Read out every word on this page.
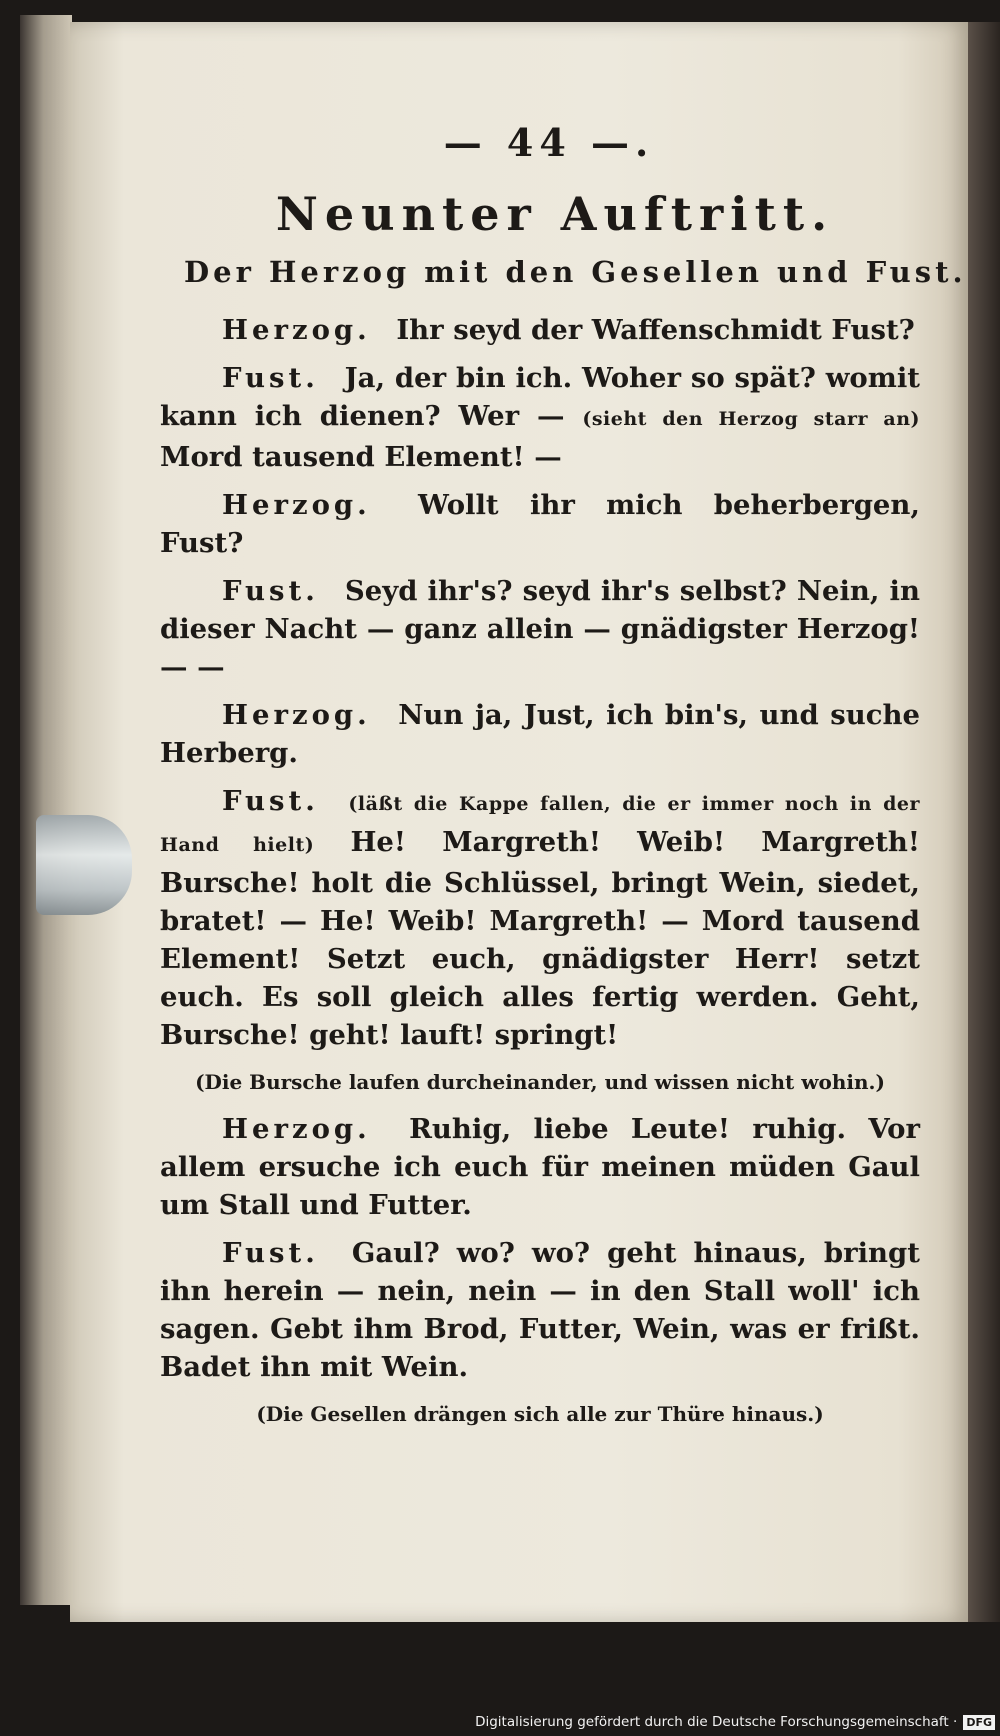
— 44 —.
Neunter Auftritt.
Der Herzog mit den Gesellen und Fust.

Herzog. Ihr seyd der Waffenschmidt Fust?

Fust. Ja, der bin ich. Woher so spät? womit kann ich dienen? Wer — (sieht den Herzog starr an) Mord tausend Element! —

Herzog. Wollt ihr mich beherbergen, Fust?

Fust. Seyd ihr's? seyd ihr's selbst? Nein, in dieser Nacht — ganz allein — gnädigster Herzog! — —

Herzog. Nun ja, Just, ich bin's, und suche Herberg.

Fust. (läßt die Kappe fallen, die er immer noch in der Hand hielt) He! Margreth! Weib! Margreth! Bursche! holt die Schlüssel, bringt Wein, siedet, bratet! — He! Weib! Margreth! — Mord tausend Element! Setzt euch, gnädigster Herr! setzt euch. Es soll gleich alles fertig werden. Geht, Bursche! geht! lauft! springt!

(Die Bursche laufen durcheinander, und wissen nicht wohin.)

Herzog. Ruhig, liebe Leute! ruhig. Vor allem ersuche ich euch für meinen müden Gaul um Stall und Futter.

Fust. Gaul? wo? wo? geht hinaus, bringt ihn herein — nein, nein — in den Stall woll' ich sagen. Gebt ihm Brod, Futter, Wein, was er frißt. Badet ihn mit Wein.

(Die Gesellen drängen sich alle zur Thüre hinaus.)
Digitalisierung gefördert durch die Deutsche Forschungsgemeinschaft · DFG
